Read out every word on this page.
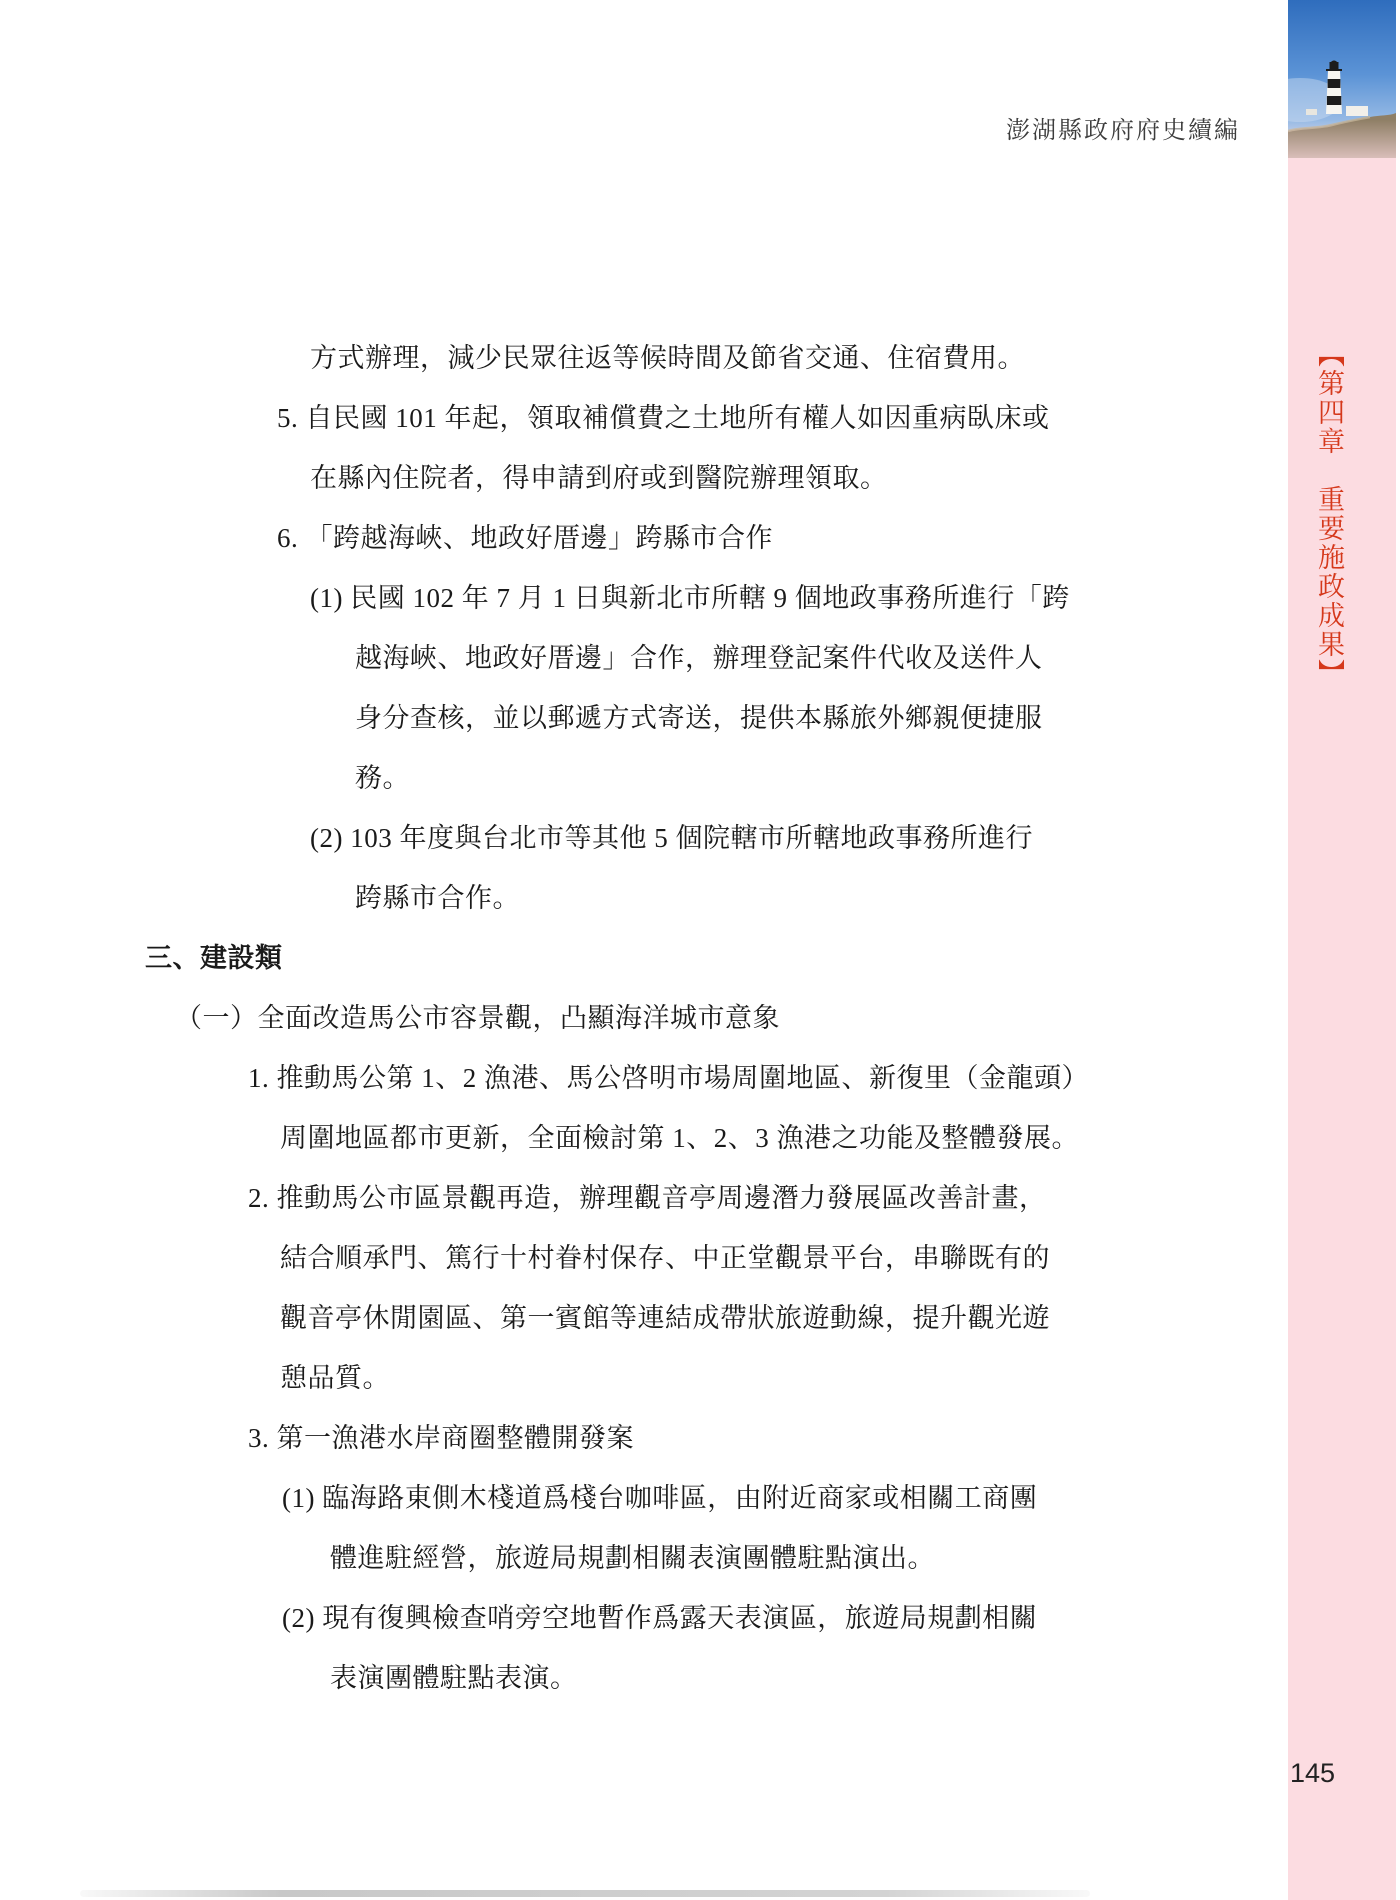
【第四章　重要施政成果】
澎湖縣政府府史續編
方式辦理，減少民眾往返等候時間及節省交通、住宿費用。
5. 自民國 101 年起，領取補償費之土地所有權人如因重病臥床或
在縣內住院者，得申請到府或到醫院辦理領取。
6. 「跨越海峽、地政好厝邊」跨縣市合作
(1) 民國 102 年 7 月 1 日與新北市所轄 9 個地政事務所進行「跨
越海峽、地政好厝邊」合作，辦理登記案件代收及送件人
身分查核，並以郵遞方式寄送，提供本縣旅外鄉親便捷服
務。
(2) 103 年度與台北市等其他 5 個院轄市所轄地政事務所進行
跨縣市合作。
三、建設類
（一）全面改造馬公市容景觀，凸顯海洋城市意象
1. 推動馬公第 1、2 漁港、馬公啓明市場周圍地區、新復里（金龍頭）
周圍地區都市更新，全面檢討第 1、2、3 漁港之功能及整體發展。
2. 推動馬公市區景觀再造，辦理觀音亭周邊潛力發展區改善計畫，
結合順承門、篤行十村眷村保存、中正堂觀景平台，串聯既有的
觀音亭休閒園區、第一賓館等連結成帶狀旅遊動線，提升觀光遊
憩品質。
3. 第一漁港水岸商圈整體開發案
(1) 臨海路東側木棧道爲棧台咖啡區，由附近商家或相關工商團
體進駐經營，旅遊局規劃相關表演團體駐點演出。
(2) 現有復興檢查哨旁空地暫作爲露天表演區，旅遊局規劃相關
表演團體駐點表演。
145
